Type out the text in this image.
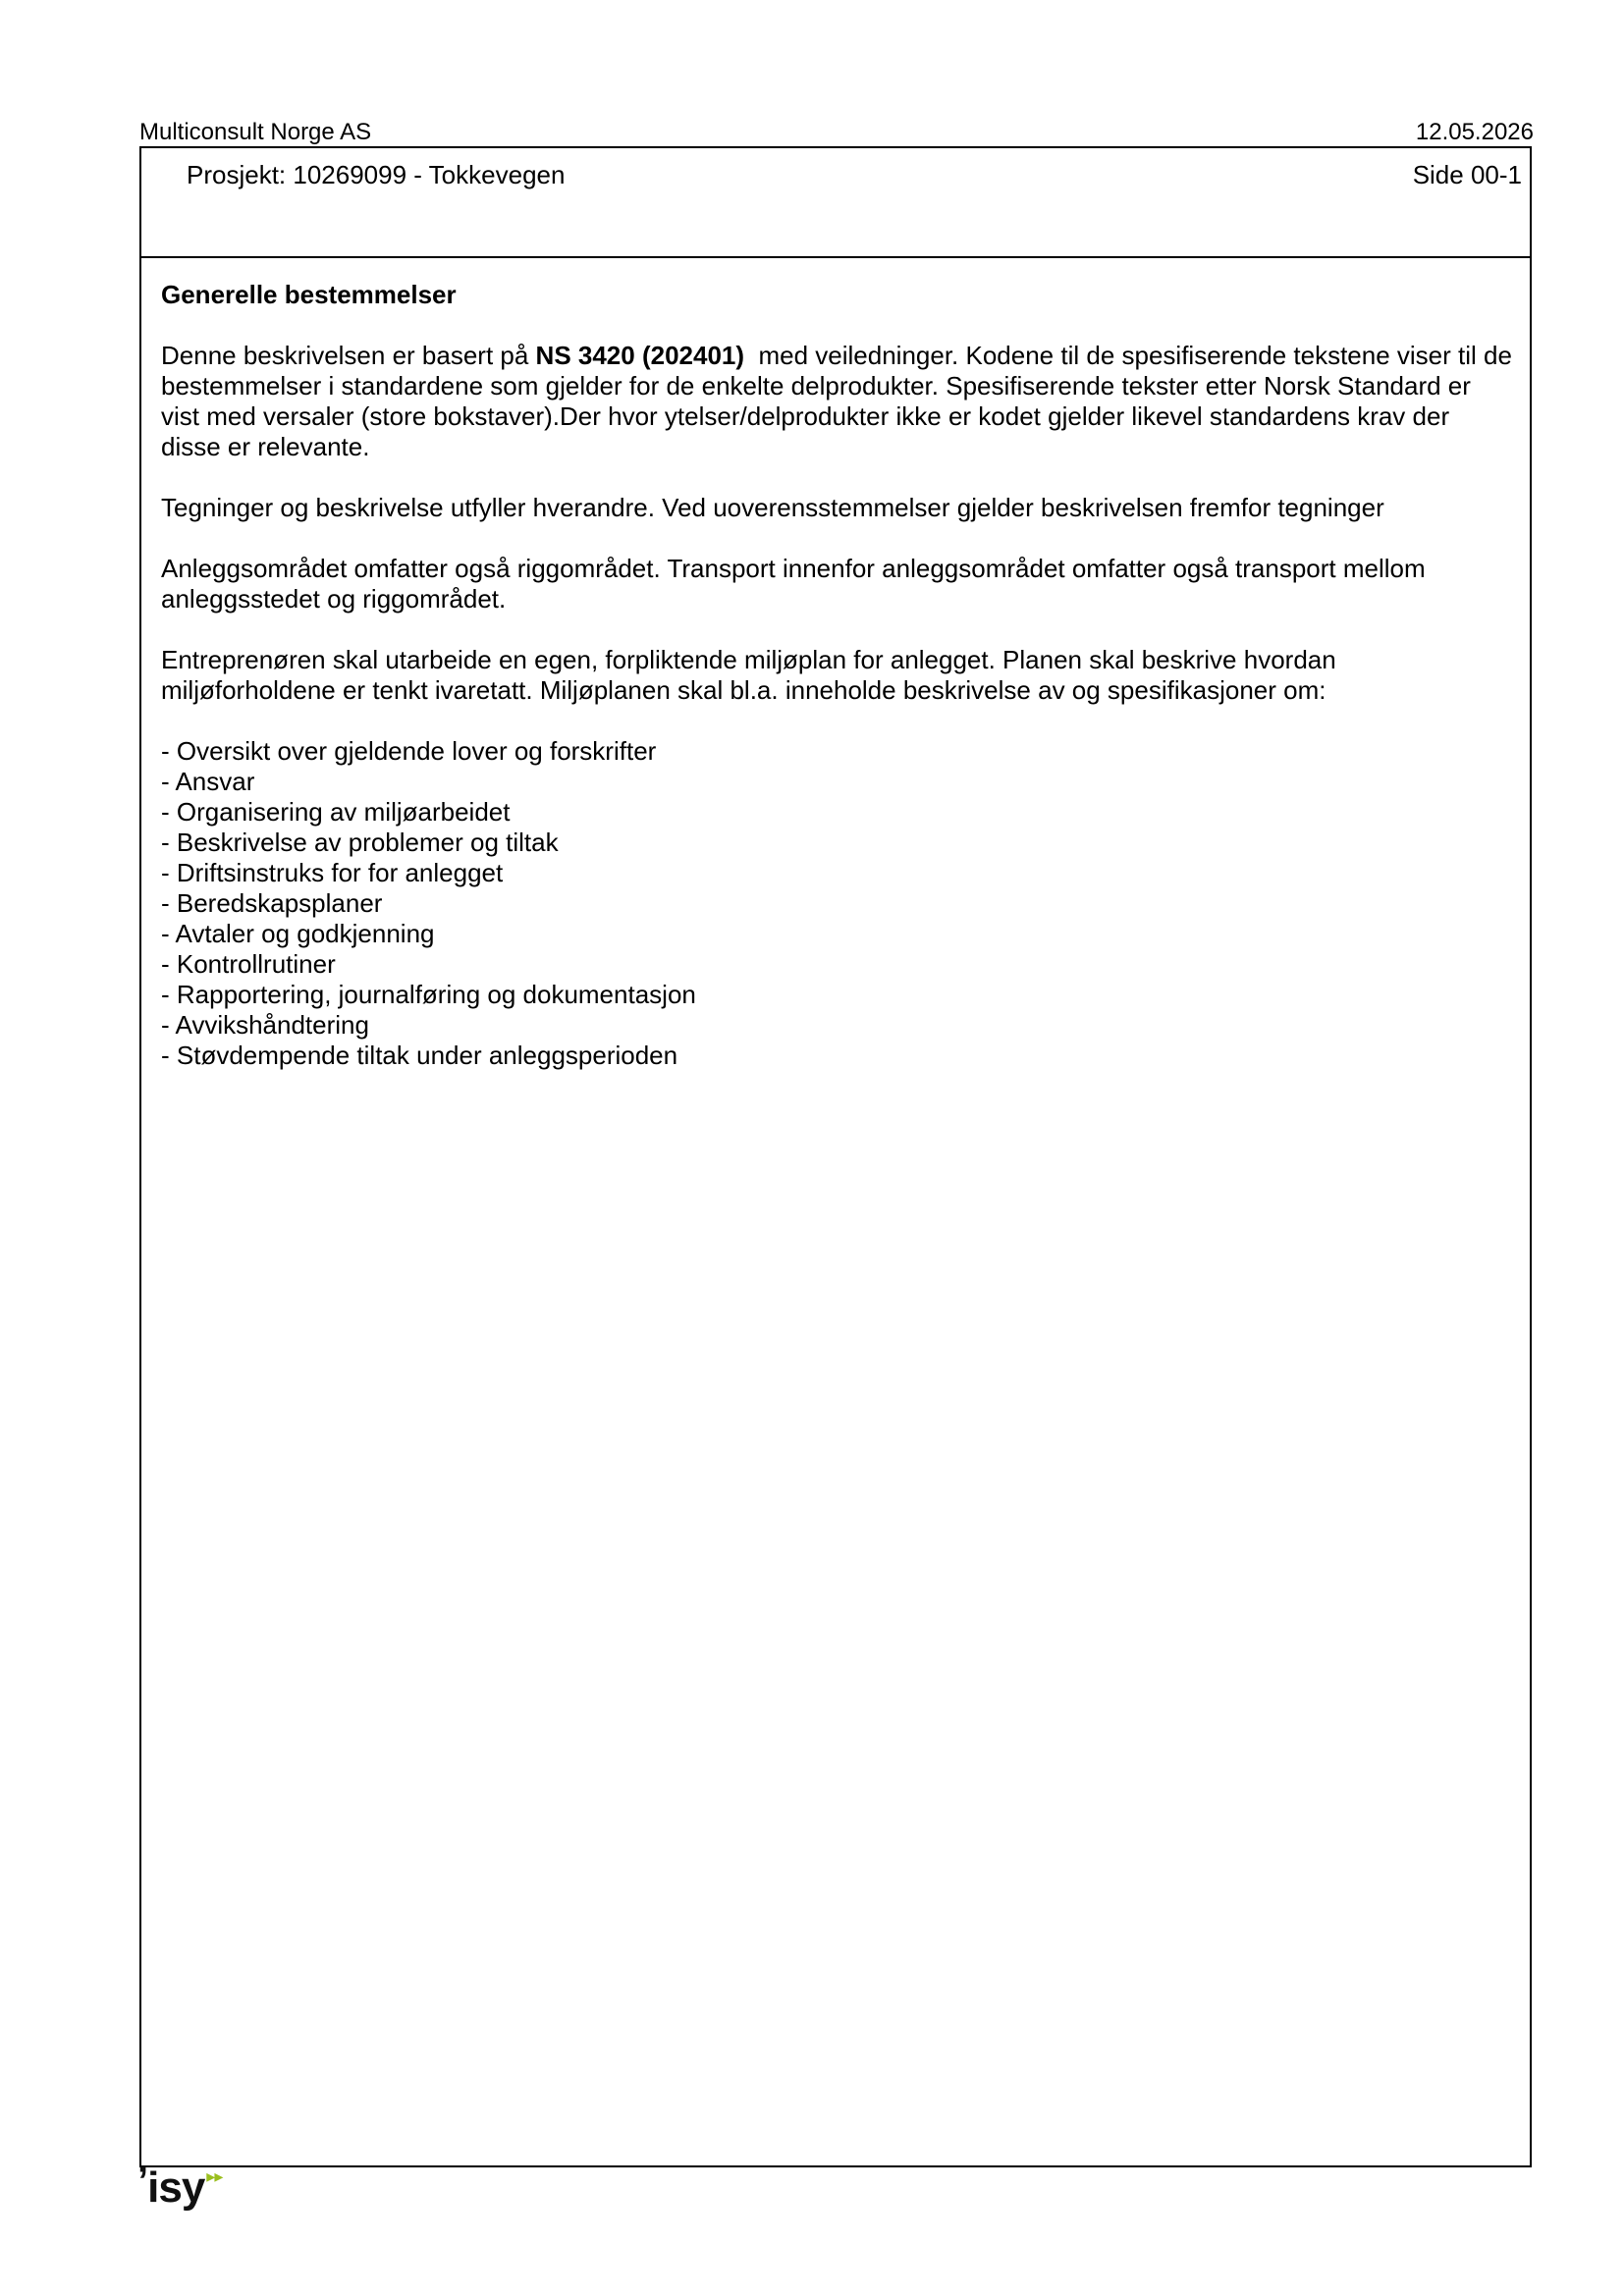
Multiconsult Norge AS	12.05.2026
Prosjekt: 10269099 - Tokkevegen	Side 00-1
Generelle bestemmelser
Denne beskrivelsen er basert på NS 3420 (202401)  med veiledninger. Kodene til de spesifiserende tekstene viser til de bestemmelser i standardene som gjelder for de enkelte delprodukter. Spesifiserende tekster etter Norsk Standard er vist med versaler (store bokstaver).Der hvor ytelser/delprodukter ikke er kodet gjelder likevel standardens krav der disse er relevante.
Tegninger og beskrivelse utfyller hverandre. Ved uoverensstemmelser gjelder beskrivelsen fremfor tegninger
Anleggsområdet omfatter også riggområdet. Transport innenfor anleggsområdet omfatter også transport mellom anleggsstedet og riggområdet.
Entreprenøren skal utarbeide en egen, forpliktende miljøplan for anlegget. Planen skal beskrive hvordan miljøforholdene er tenkt ivaretatt. Miljøplanen skal bl.a. inneholde beskrivelse av og spesifikasjoner om:
- Oversikt over gjeldende lover og forskrifter
- Ansvar
- Organisering av miljøarbeidet
- Beskrivelse av problemer og tiltak
- Driftsinstruks for for anlegget
- Beredskapsplaner
- Avtaler og godkjenning
- Kontrollrutiner
- Rapportering, journalføring og dokumentasjon
- Avvikshåndtering
- Støvdempende tiltak under anleggsperioden
’isy ▸▸
